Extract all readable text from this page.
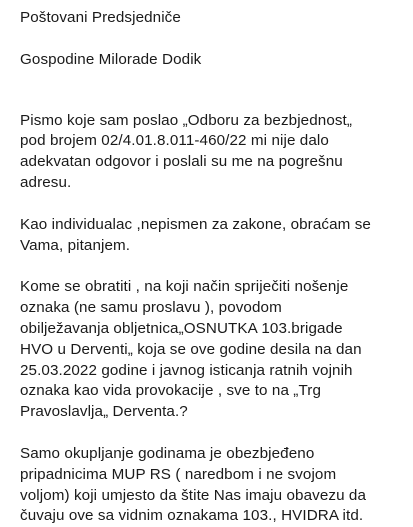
Poštovani Predsjedniče

Gospodine Milorade Dodik

Pismo koje sam poslao „Odboru za bezbjednost„

pod brojem 02/4.01.8.011-460/22 mi nije dalo

adekvatan odgovor i poslali su me na pogrešnu

adresu.

Kao individualac ,nepismen za zakone, obraćam se

Vama, pitanjem.

Kome se obratiti , na koji način spriječiti nošenje

oznaka (ne samu proslavu ), povodom

obilježavanja obljetnica„OSNUTKA 103.brigade

HVO u Derventi„ koja se ove godine desila na dan

25.03.2022 godine i javnog isticanja ratnih vojnih

oznaka kao vida provokacije , sve to na „Trg

Pravoslavlja„ Derventa.?

Samo okupljanje godinama je obezbjeđeno

pripadnicima MUP RS ( naredbom i ne svojom

voljom) koji umjesto da štite Nas imaju obavezu da

čuvaju ove sa vidnim oznakama 103., HVIDRA itd.
